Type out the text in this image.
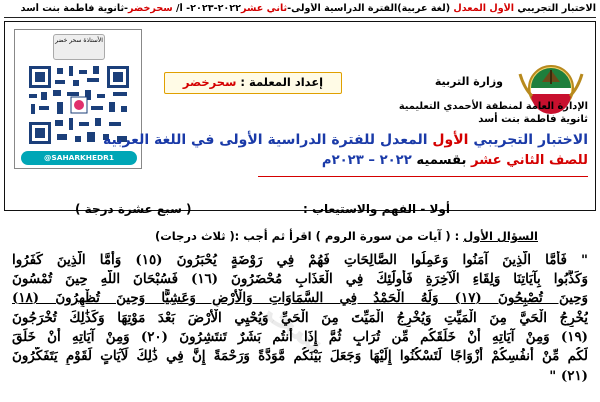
الاختبار التجريبي الأول المعدل (لغة عربية)الفترة الدراسية الأولى-ثاني عشر٢٠٢٢-٢٠٢٣- أ/ سحرخضر-ثانوية فاطمة بنت أسد
الأستاذة سحر خضر
@SAHARKHEDR1
إعداد المعلمة : سحرخضر	وزارة التربية
الإدارة العامة لمنطقة الأحمدي التعليمية
ثانوية فاطمة بنت أسد
الاختبار التجريبي الأول المعدل للفترة الدراسية الأولى في اللغة العربية
للصف الثاني عشر بقسميه ٢٠٢٢ – ٢٠٢٣م
أولا - الفهم والاستيعاب :
( سبع عشرة درجة )
السؤال الأول : ( آيات من سورة الروم ) اقرأ ثم أجب :
( ثلاث درجات)
" فَأَمَّا الَّذِينَ آمَنُوا وَعَمِلُوا الصَّالِحَاتِ فَهُمْ فِي رَوْضَةٍ يُحْبَرُونَ (١٥) وَأَمَّا الَّذِينَ كَفَرُوا
وَكَذَّبُوا بِآيَاتِنَا وَلِقَاءِ الْآخِرَةِ فَأُولَٰئِكَ فِي الْعَذَابِ مُحْضَرُونَ (١٦) فَسُبْحَانَ اللَّهِ حِينَ تُمْسُونَ
وَحِينَ تُصْبِحُونَ (١٧) وَلَهُ الْحَمْدُ فِي السَّمَاوَاتِ وَالْأَرْضِ وَعَشِيًّا وَحِينَ تُظْهِرُونَ (١٨)
يُخْرِجُ الْحَيَّ مِنَ الْمَيِّتِ وَيُخْرِجُ الْمَيِّتَ مِنَ الْحَيِّ وَيُحْيِي الْأَرْضَ بَعْدَ مَوْتِهَا وَكَذَٰلِكَ تُخْرَجُونَ
(١٩) وَمِنْ آيَاتِهِ أَنْ خَلَقَكُم مِّن تُرَابٍ ثُمَّ إِذَا أَنتُم بَشَرٌ تَنتَشِرُونَ (٢٠) وَمِنْ آيَاتِهِ أَنْ خَلَقَ
لَكُم مِّنْ أَنفُسِكُمْ أَزْوَاجًا لِّتَسْكُنُوا إِلَيْهَا وَجَعَلَ بَيْنَكُم مَّوَدَّةً وَرَحْمَةً إِنَّ فِي ذَٰلِكَ لَآيَاتٍ لِّقَوْمٍ يَتَفَكَّرُونَ
(٢١) "
سحر
